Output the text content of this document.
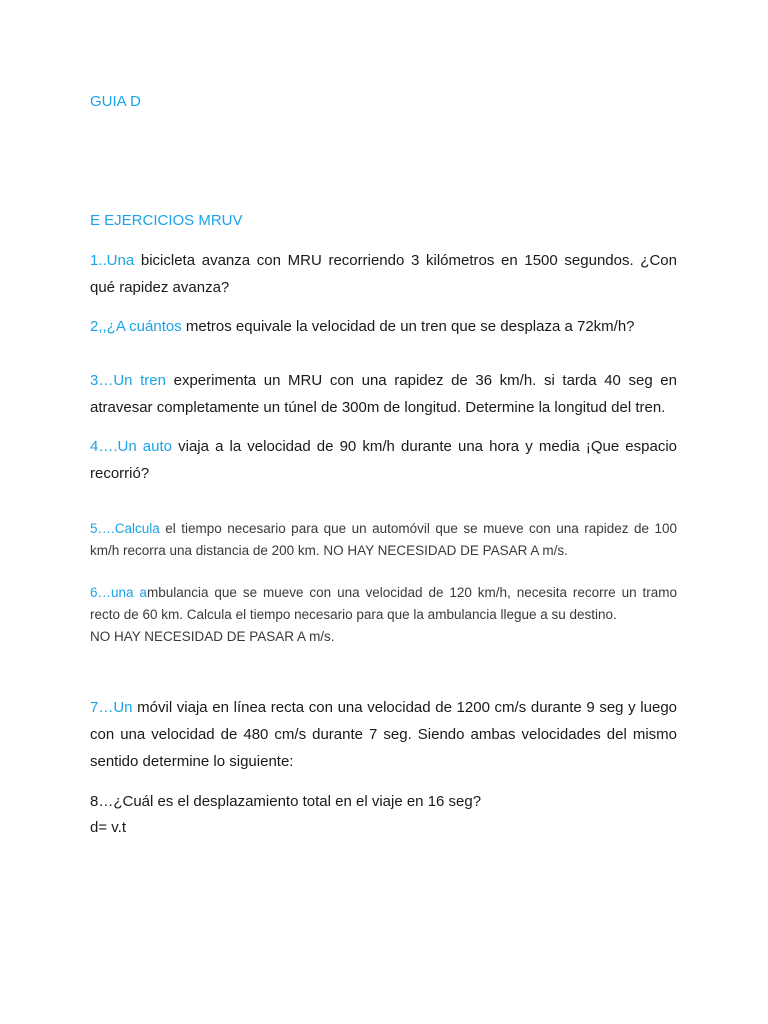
GUIA D
E EJERCICIOS MRUV
1..Una bicicleta avanza con MRU recorriendo 3 kilómetros en 1500 segundos. ¿Con qué rapidez avanza?
2,,¿A cuántos metros equivale la velocidad de un tren que se desplaza a 72km/h?
3…Un tren experimenta un MRU con una rapidez de 36 km/h. si tarda 40 seg en atravesar completamente un túnel de 300m de longitud. Determine la longitud del tren.
4….Un auto viaja a la velocidad de 90 km/h durante una hora y media ¡Que espacio recorrió?
5….Calcula el tiempo necesario para que un automóvil que se mueve con una rapidez de 100 km/h recorra una distancia de 200 km. NO HAY NECESIDAD DE PASAR A m/s.
6…una ambulancia que se mueve con una velocidad de 120 km/h, necesita recorre un tramo recto de 60 km. Calcula el tiempo necesario para que la ambulancia llegue a su destino.
NO HAY NECESIDAD DE PASAR A m/s.
7…Un móvil viaja en línea recta con una velocidad de 1200 cm/s durante 9 seg y luego con una velocidad de 480 cm/s durante 7 seg. Siendo ambas velocidades del mismo sentido determine lo siguiente:
8…¿Cuál es el desplazamiento total en el viaje en 16 seg?
d= v.t
